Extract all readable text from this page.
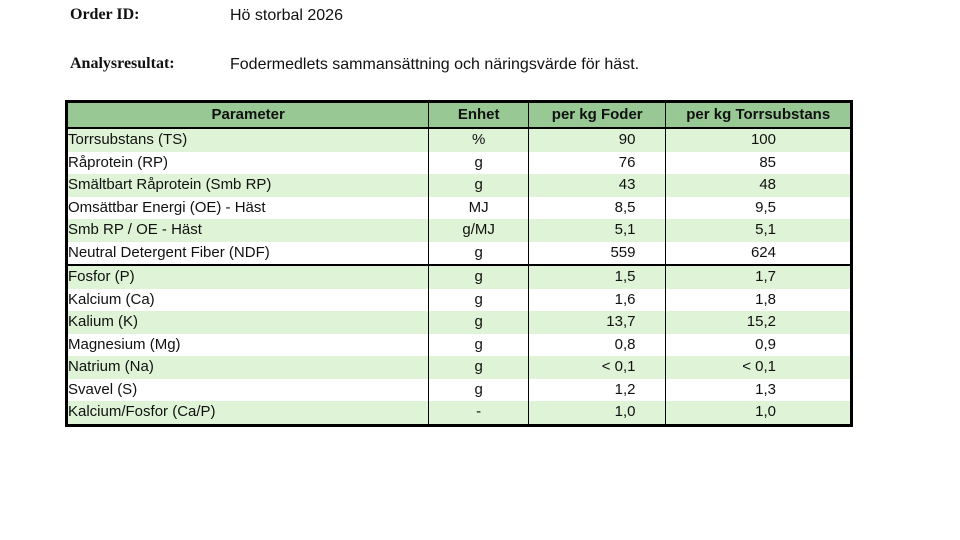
Order ID:	Hö storbal 2026
Analysresultat:	Fodermedlets sammansättning och näringsvärde för häst.
Parameter	Enhet	per kg Foder	per kg Torrsubstans
Torrsubstans (TS)	%	90	100
Råprotein (RP)	g	76	85
Smältbart Råprotein (Smb RP)	g	43	48
Omsättbar Energi (OE) - Häst	MJ	8,5	9,5
Smb RP / OE - Häst	g/MJ	5,1	5,1
Neutral Detergent Fiber (NDF)	g	559	624
Fosfor (P)	g	1,5	1,7
Kalcium (Ca)	g	1,6	1,8
Kalium (K)	g	13,7	15,2
Magnesium (Mg)	g	0,8	0,9
Natrium (Na)	g	< 0,1	< 0,1
Svavel (S)	g	1,2	1,3
Kalcium/Fosfor (Ca/P)	-	1,0	1,0
